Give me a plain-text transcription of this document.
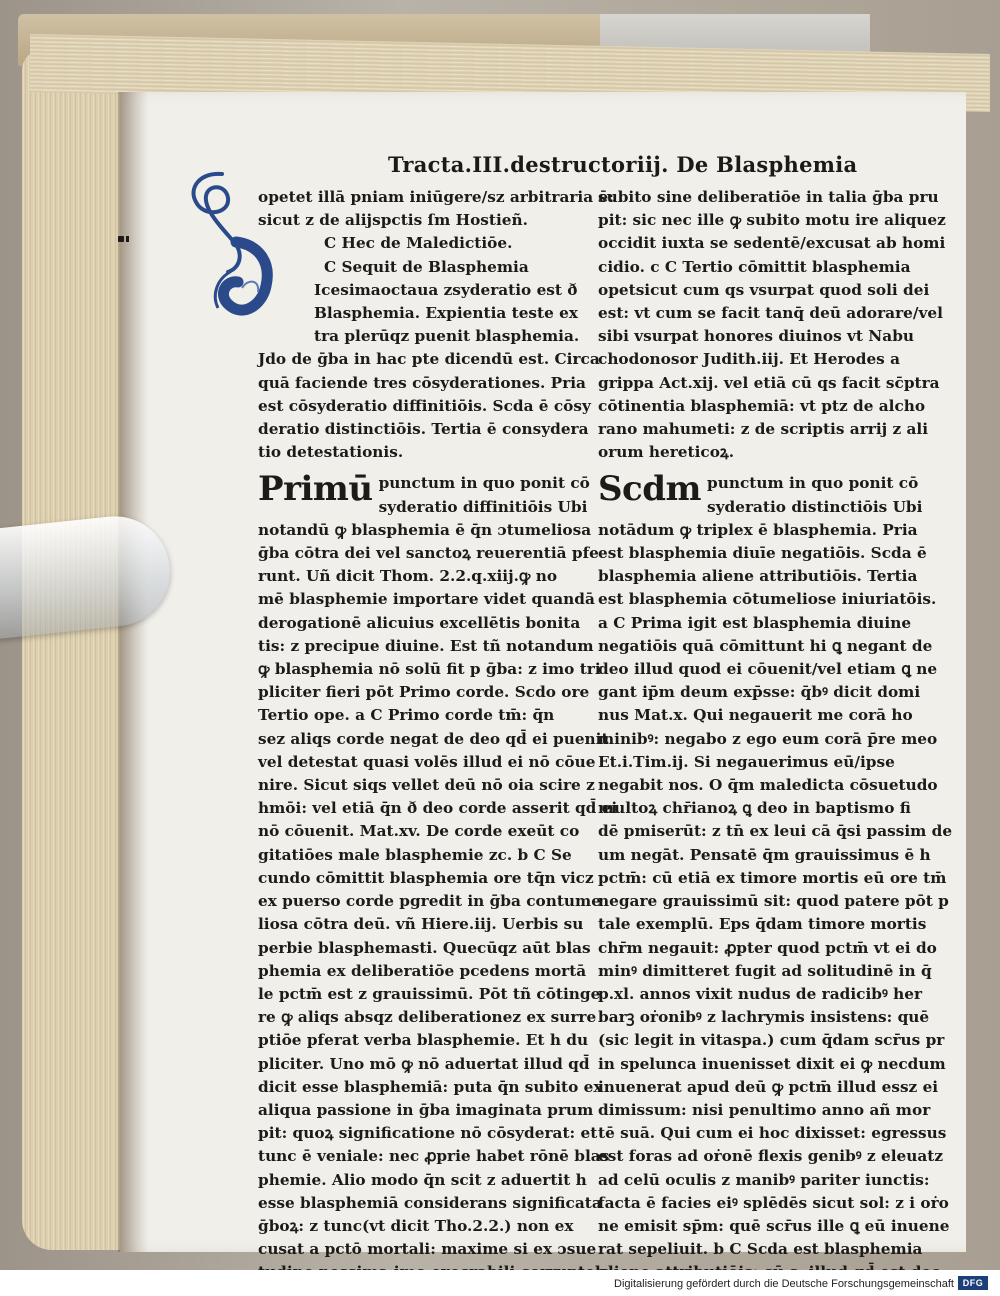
Tracta.III.destructoriij. De Blasphemia
opetet illā pniam iniūgere/sz arbitraria ē:
sicut z de alijspctis ſm Hostieñ.
C Hec de Maledictiōe.
C Sequit de Blasphemia
Icesimaoctaua zsyderatio est ð
Blasphemia. Expientia teste ex
tra plerūqz puenit blasphemia.
Jdo de ḡba in hac pte dicendū est. Circa
quā faciende tres cōsyderationes. Pria
est cōsyderatio diffinitiōis. Scda ē cōsy
deratio distinctiōis. Tertia ē consydera
tio detestationis.
Primū punctum in quo ponit cō
syderatio diffinitiōis Ubi
notandū ꝙ blasphemia ē q̄n ɔtumeliosa
ḡba cōtra dei vel sanctoꝝ reuerentiā pfe
runt. Uñ dicit Thom. 2.2.q.xiij.ꝙ no
mē blasphemie importare videt quandā
derogationē alicuius excellētis bonita
tis: z precipue diuine. Est tñ notandum
ꝙ blasphemia nō solū fit p ḡba: z imo tri
pliciter fieri pōt Primo corde. Scdo ore
Tertio ope. a C Primo corde tm̄: q̄n
sez aliqs corde negat de deo qd̄ ei puenit
vel detestat quasi volēs illud ei nō cōue
nire. Sicut siqs vellet deū nō oia scire z
hmōi: vel etiā q̄n ð deo corde asserit qd̄ ei
nō cōuenit. Mat.xv. De corde exeūt co
gitatiōes male blasphemie zc. b C Se
cundo cōmittit blasphemia ore tq̄n vicz
ex puerso corde pgredit in ḡba contume
liosa cōtra deū. vñ Hiere.iij. Uerbis su
perbie blasphemasti. Quecūqz aūt blas
phemia ex deliberatiōe pcedens mortā
le pctm̄ est z grauissimū. Pōt tñ cōtinge
re ꝙ aliqs absqz deliberationez ex surre
ptiōe pferat verba blasphemie. Et h du
pliciter. Uno mō ꝙ nō aduertat illud qd̄
dicit esse blasphemiā: puta q̄n subito ex
aliqua passione in ḡba imaginata prum
pit: quoꝝ significatione nō cōsyderat: et
tunc ē veniale: nec ꝓprie habet rōnē blas
phemie. Alio modo q̄n scit z aduertit h
esse blasphemiā considerans significata
ḡboꝝ: z tunc(vt dicit Tho.2.2.) non ex
cusat a pctō mortali: maxime si ex ɔsue
subito sine deliberatiōe in talia ḡba pru
pit: sic nec ille ꝙ subito motu ire aliquez
occidit iuxta se sedentē/excusat ab homi
cidio. c C Tertio cōmittit blasphemia
opetsicut cum qs vsurpat quod soli dei
est: vt cum se facit tanq̄ deū adorare/vel
sibi vsurpat honores diuinos vt Nabu
chodonosor Judith.iij. Et Herodes a
grippa Act.xij. vel etiā cū qs facit sc̄ptra
cōtinentia blasphemiā: vt ptz de alcho
rano mahumeti: z de scriptis arrij z ali
orum hereticoꝝ.
Scdm punctum in quo ponit cō
syderatio distinctiōis Ubi
notādum ꝙ triplex ē blasphemia. Pria
est blasphemia diuīe negatiōis. Scda ē
blasphemia aliene attributiōis. Tertia
est blasphemia cōtumeliose iniuriatōis.
a C Prima igit est blasphemia diuine
negatiōis quā cōmittunt hi ꝗ negant de
deo illud quod ei cōuenit/vel etiam ꝗ ne
gant ip̄m deum exp̄sse: q̄bꝰ dicit domi
nus Mat.x. Qui negauerit me corā ho
minibꝰ: negabo z ego eum corā p̄re meo
Et.i.Tim.ij. Si negauerimus eū/ipse
negabit nos. O q̄m maledicta cōsuetudo
multoꝝ chr̄ianoꝝ ꝗ deo in baptismo fi
dē pmiserūt: z tn̄ ex leui cā q̄si passim de
um negāt. Pensatē q̄m grauissimus ē h
pctm̄: cū etiā ex timore mortis eū ore tm̄
negare grauissimū sit: quod patere pōt p
tale exemplū. Eps q̄dam timore mortis
chr̄m negauit: ꝓpter quod pctm̄ vt ei do
minꝰ dimitteret fugit ad solitudinē in q̄
p.xl. annos vixit nudus de radicibꝰ her
barꝫ oṙonibꝰ z lachrymis insistens: quē
(sic legit in vitaspa.) cum q̄dam scr̄us pr
in spelunca inuenisset dixit ei ꝙ necdum
inuenerat apud deū ꝙ pctm̄ illud essz ei
dimissum: nisi penultimo anno añ mor
tē suā. Qui cum ei hoc dixisset: egressus
est foras ad oṙonē flexis genibꝰ z eleuatz
ad celū oculis z manibꝰ pariter iunctis:
facta ē facies eiꝰ splēdēs sicut sol: z i oṙo
ne emisit sp̄m: quē scr̄us ille ꝗ eū inuene
rat sepeliuit. b C Scda est blasphemia
Digitalisierung gefördert durch die Deutsche Forschungsgemeinschaft DFG
